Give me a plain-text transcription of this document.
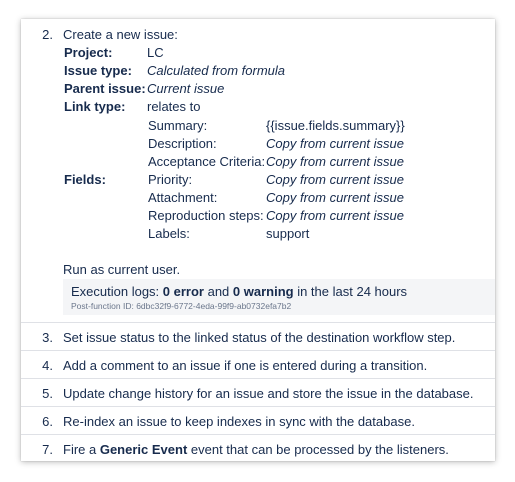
2. Create a new issue:
Project:	LC
Issue type: Calculated from formula
Parent issue: Current issue
Link type: relates to
Fields:
Summary:	{{issue.fields.summary}}
Description:	Copy from current issue
Acceptance Criteria: Copy from current issue
Priority:	Copy from current issue
Attachment:	Copy from current issue
Reproduction steps: Copy from current issue
Labels:	support
Run as current user.
Execution logs: 0 error and 0 warning in the last 24 hours
Post-function ID: 6dbc32f9-6772-4eda-99f9-ab0732efa7b2
3. Set issue status to the linked status of the destination workflow step.
4. Add a comment to an issue if one is entered during a transition.
5. Update change history for an issue and store the issue in the database.
6. Re-index an issue to keep indexes in sync with the database.
7. Fire a Generic Event event that can be processed by the listeners.
